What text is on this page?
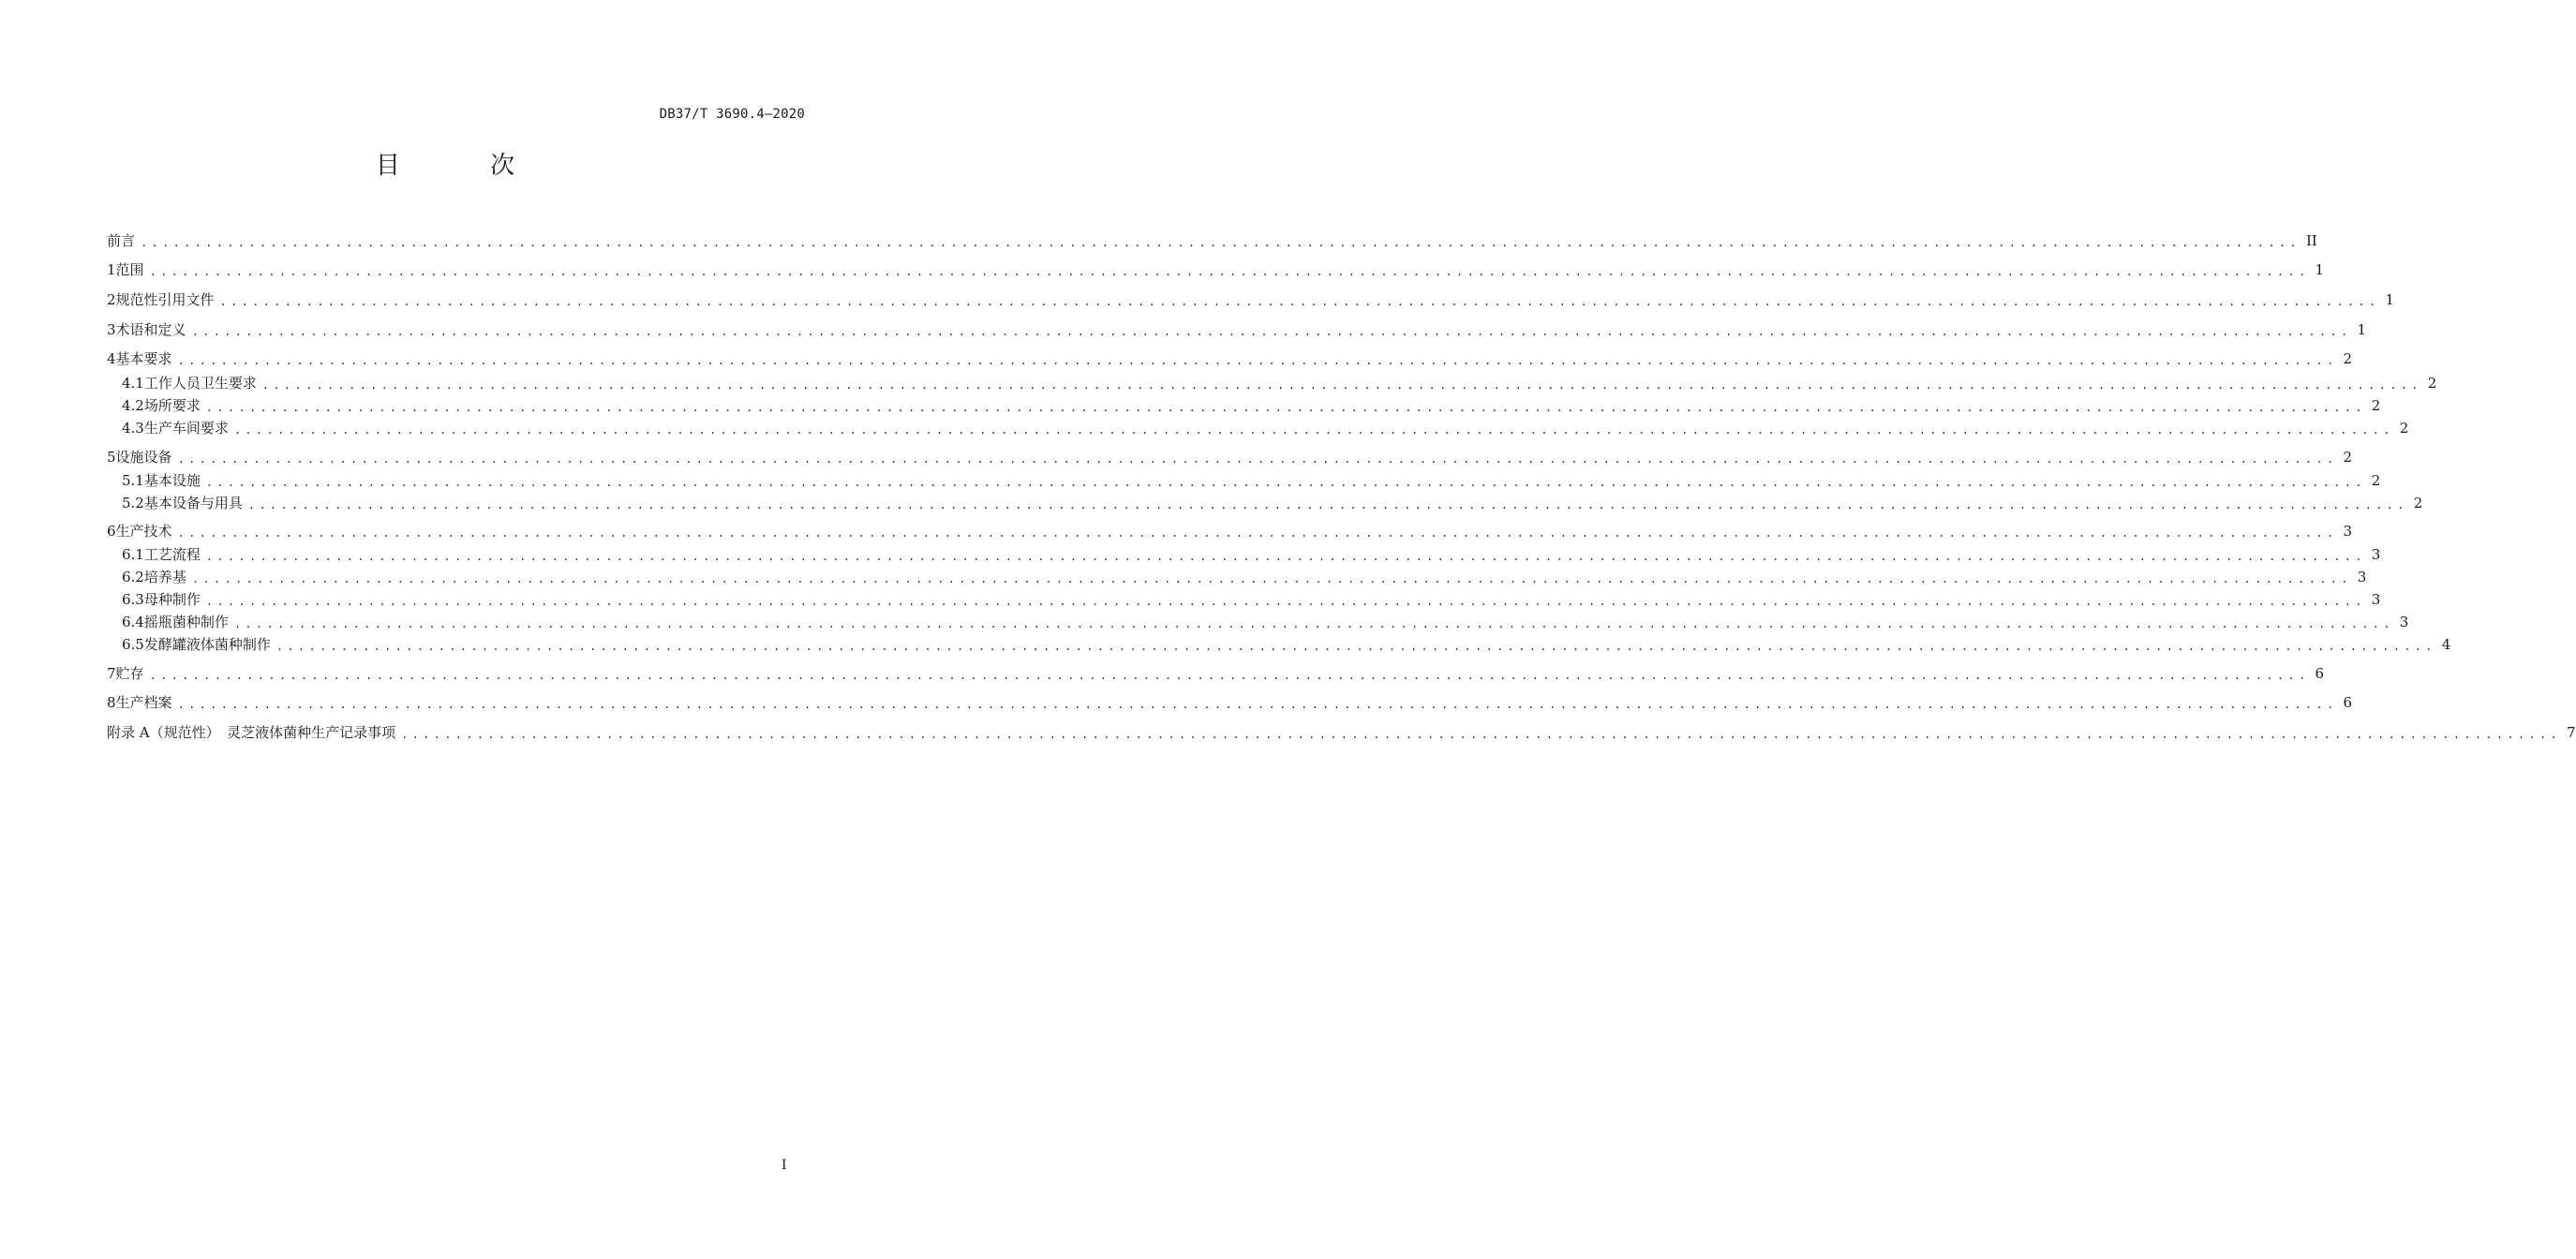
DB37/T 3690.4—2020
目 次
前言 ........................................................................................................................................................................................................ II
1 范围 ........................................................................................................................................................................................................ 1
2 规范性引用文件 ........................................................................................................................................................................................................ 1
3 术语和定义 ........................................................................................................................................................................................................ 1
4 基本要求 ........................................................................................................................................................................................................ 2
4.1 工作人员卫生要求 ........................................................................................................................................................................................................ 2
4.2 场所要求 ........................................................................................................................................................................................................ 2
4.3 生产车间要求 ........................................................................................................................................................................................................ 2
5 设施设备 ........................................................................................................................................................................................................ 2
5.1 基本设施 ........................................................................................................................................................................................................ 2
5.2 基本设备与用具 ........................................................................................................................................................................................................ 2
6 生产技术 ........................................................................................................................................................................................................ 3
6.1 工艺流程 ........................................................................................................................................................................................................ 3
6.2 培养基 ........................................................................................................................................................................................................ 3
6.3 母种制作 ........................................................................................................................................................................................................ 3
6.4 摇瓶菌种制作 ........................................................................................................................................................................................................ 3
6.5 发酵罐液体菌种制作 ........................................................................................................................................................................................................ 4
7 贮存 ........................................................................................................................................................................................................ 6
8 生产档案 ........................................................................................................................................................................................................ 6
附录 A（规范性）　灵芝液体菌种生产记录事项 ........................................................................................................................................................................................................ 7
I
